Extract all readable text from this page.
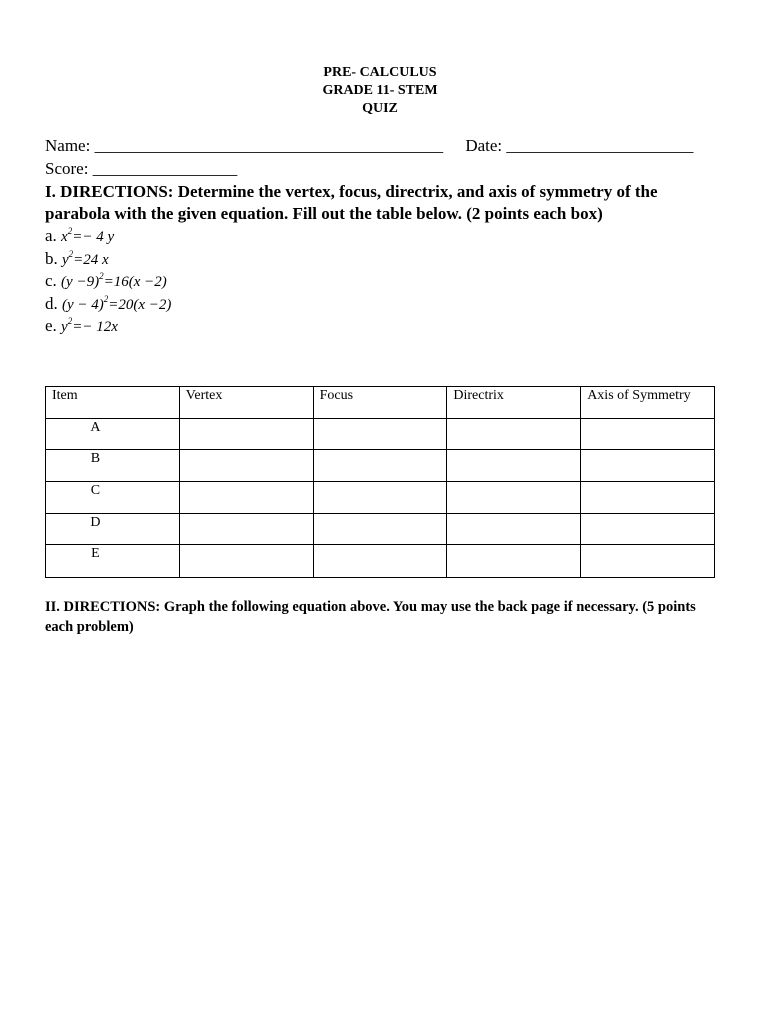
PRE- CALCULUS
GRADE 11- STEM
QUIZ
Name: _________________________________________ Date: ______________________
Score: _________________
I. DIRECTIONS: Determine the vertex, focus, directrix, and axis of symmetry of the parabola with the given equation. Fill out the table below. (2 points each box)
a. $x^2=- 4$ y
b. $y^2=24$ x
c. $(y -9)^2=16(x -2)$
d. $(y - 4)^2=20(x -2)$
e. $y^2=- 12x$
Item	Vertex	Focus	Directrix	Axis of Symmetry
A				
B				
C				
D				
E				
II. DIRECTIONS: Graph the following equation above. You may use the back page if necessary. (5 points each problem)
